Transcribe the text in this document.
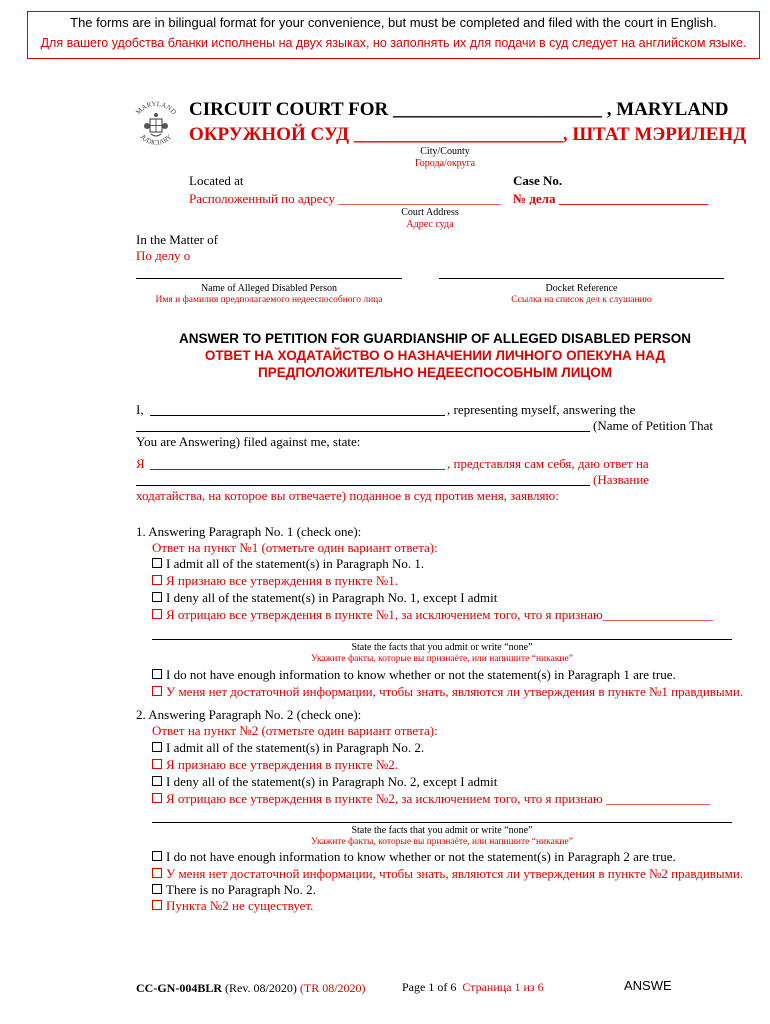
The forms are in bilingual format for your convenience, but must be completed and filed with the court in English.
Для вашего удобства бланки исполнены на двух языках, но заполнять их для подачи в суд следует на английском языке.
MARYLAND
JUDICIARY
CIRCUIT COURT FOR ______________________ , MARYLAND
ОКРУЖНОЙ СУД ______________________, ШТАТ МЭРИЛЕНД
City/County
Города/округа
Located at
Расположенный по адресу _________________________
Case No.
№ дела _______________________
Court Address
Адрес суда
In the Matter of
По делу о
Name of Alleged Disabled Person
Имя и фамилия предполагаемого недееспособного лица
Docket Reference
Ссылка на список дел к слушанию
ANSWER TO PETITION FOR GUARDIANSHIP OF ALLEGED DISABLED PERSON
ОТВЕТ НА ХОДАТАЙСТВО О НАЗНАЧЕНИИ ЛИЧНОГО ОПЕКУНА НАД
ПРЕДПОЛОЖИТЕЛЬНО НЕДЕЕСПОСОБНЫМ ЛИЦОМ
I,	, representing myself, answering the
(Name of Petition That
You are Answering) filed against me, state:
Я	, представляя сам себя, даю ответ на
(Название
ходатайства, на которое вы отвечаете) поданное в суд против меня, заявляю:
1. Answering Paragraph No. 1 (check one):
Ответ на пункт №1 (отметьте один вариант ответа):
I admit all of the statement(s) in Paragraph No. 1.
Я признаю все утверждения в пункте №1.
I deny all of the statement(s) in Paragraph No. 1, except I admit
Я отрицаю все утверждения в пункте №1, за исключением того, что я признаю_________________
State the facts that you admit or write “none”
Укажите факты, которые вы признаёте, или напишите “никакие”
I do not have enough information to know whether or not the statement(s) in Paragraph 1 are true.
У меня нет достаточной информации, чтобы знать, являются ли утверждения в пункте №1 правдивыми.
2. Answering Paragraph No. 2 (check one):
Ответ на пункт №2 (отметьте один вариант ответа):
I admit all of the statement(s) in Paragraph No. 2.
Я признаю все утверждения в пункте №2.
I deny all of the statement(s) in Paragraph No. 2, except I admit
Я отрицаю все утверждения в пункте №2, за исключением того, что я признаю ________________
State the facts that you admit or write “none”
Укажите факты, которые вы признаёте, или напишите “никакие”
I do not have enough information to know whether or not the statement(s) in Paragraph 2 are true.
У меня нет достаточной информации, чтобы знать, являются ли утверждения в пункте №2 правдивыми.
There is no Paragraph No. 2.
Пункта №2 не существует.
CC-GN-004BLR (Rev. 08/2020) (TR 08/2020)	Page 1 of 6 Страница 1 из 6	ANSWE
